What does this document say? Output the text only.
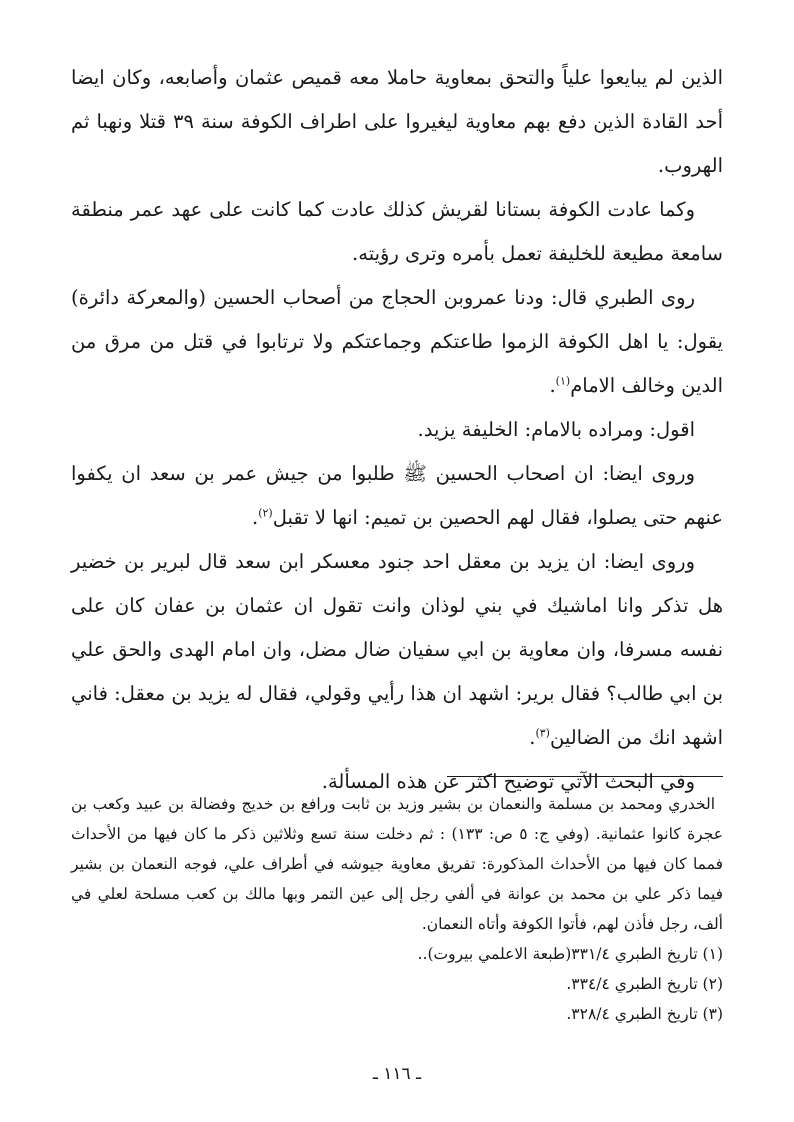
الذين لم يبايعوا علياً والتحق بمعاوية حاملا معه قميص عثمان وأصابعه، وكان ايضا أحد القادة الذين دفع بهم معاوية ليغيروا على اطراف الكوفة سنة ٣٩ قتلا ونهبا ثم الهروب.

وكما عادت الكوفة بستانا لقريش كذلك عادت كما كانت على عهد عمر منطقة سامعة مطيعة للخليفة تعمل بأمره وترى رؤيته.

روى الطبري قال: ودنا عمروبن الحجاج من أصحاب الحسين (والمعركة دائرة) يقول: يا اهل الكوفة الزموا طاعتكم وجماعتكم ولا ترتابوا في قتل من مرق من الدين وخالف الامام$^{(١)}$.

اقول: ومراده بالامام: الخليفة يزيد.

وروى ايضا: ان اصحاب الحسين ﷺ طلبوا من جيش عمر بن سعد ان يكفوا عنهم حتى يصلوا، فقال لهم الحصين بن تميم: انها لا تقبل$^{(٢)}$.

وروى ايضا: ان يزيد بن معقل احد جنود معسكر ابن سعد قال لبرير بن خضير هل تذكر وانا اماشيك في بني لوذان وانت تقول ان عثمان بن عفان كان على نفسه مسرفا، وان معاوية بن ابي سفيان ضال مضل، وان امام الهدى والحق علي بن ابي طالب؟ فقال برير: اشهد ان هذا رأيي وقولي، فقال له يزيد بن معقل: فاني اشهد انك من الضالين$^{(٣)}$.

وفي البحث الآتي توضيح اكثر عن هذه المسألة.

الخدري ومحمد بن مسلمة والنعمان بن بشير وزيد بن ثابت ورافع بن خديج وفضالة بن عبيد وكعب بن عجرة كانوا عثمانية. (وفي ج: ٥ ص: ١٣٣) : ثم دخلت سنة تسع وثلاثين ذكر ما كان فيها من الأحداث فمما كان فيها من الأحداث المذكورة: تفريق معاوية جيوشه في أطراف علي، فوجه النعمان بن بشير فيما ذكر علي بن محمد بن عوانة في ألفي رجل إلى عين التمر وبها مالك بن كعب مسلحة لعلي في ألف، رجل فأذن لهم، فأتوا الكوفة وأتاه النعمان.

(١) تاريخ الطبري ٣٣١/٤(طبعة الاعلمي بيروت)..

(٢) تاريخ الطبري ٣٣٤/٤.

(٣) تاريخ الطبري ٣٢٨/٤.

ـ ١١٦ ـ
